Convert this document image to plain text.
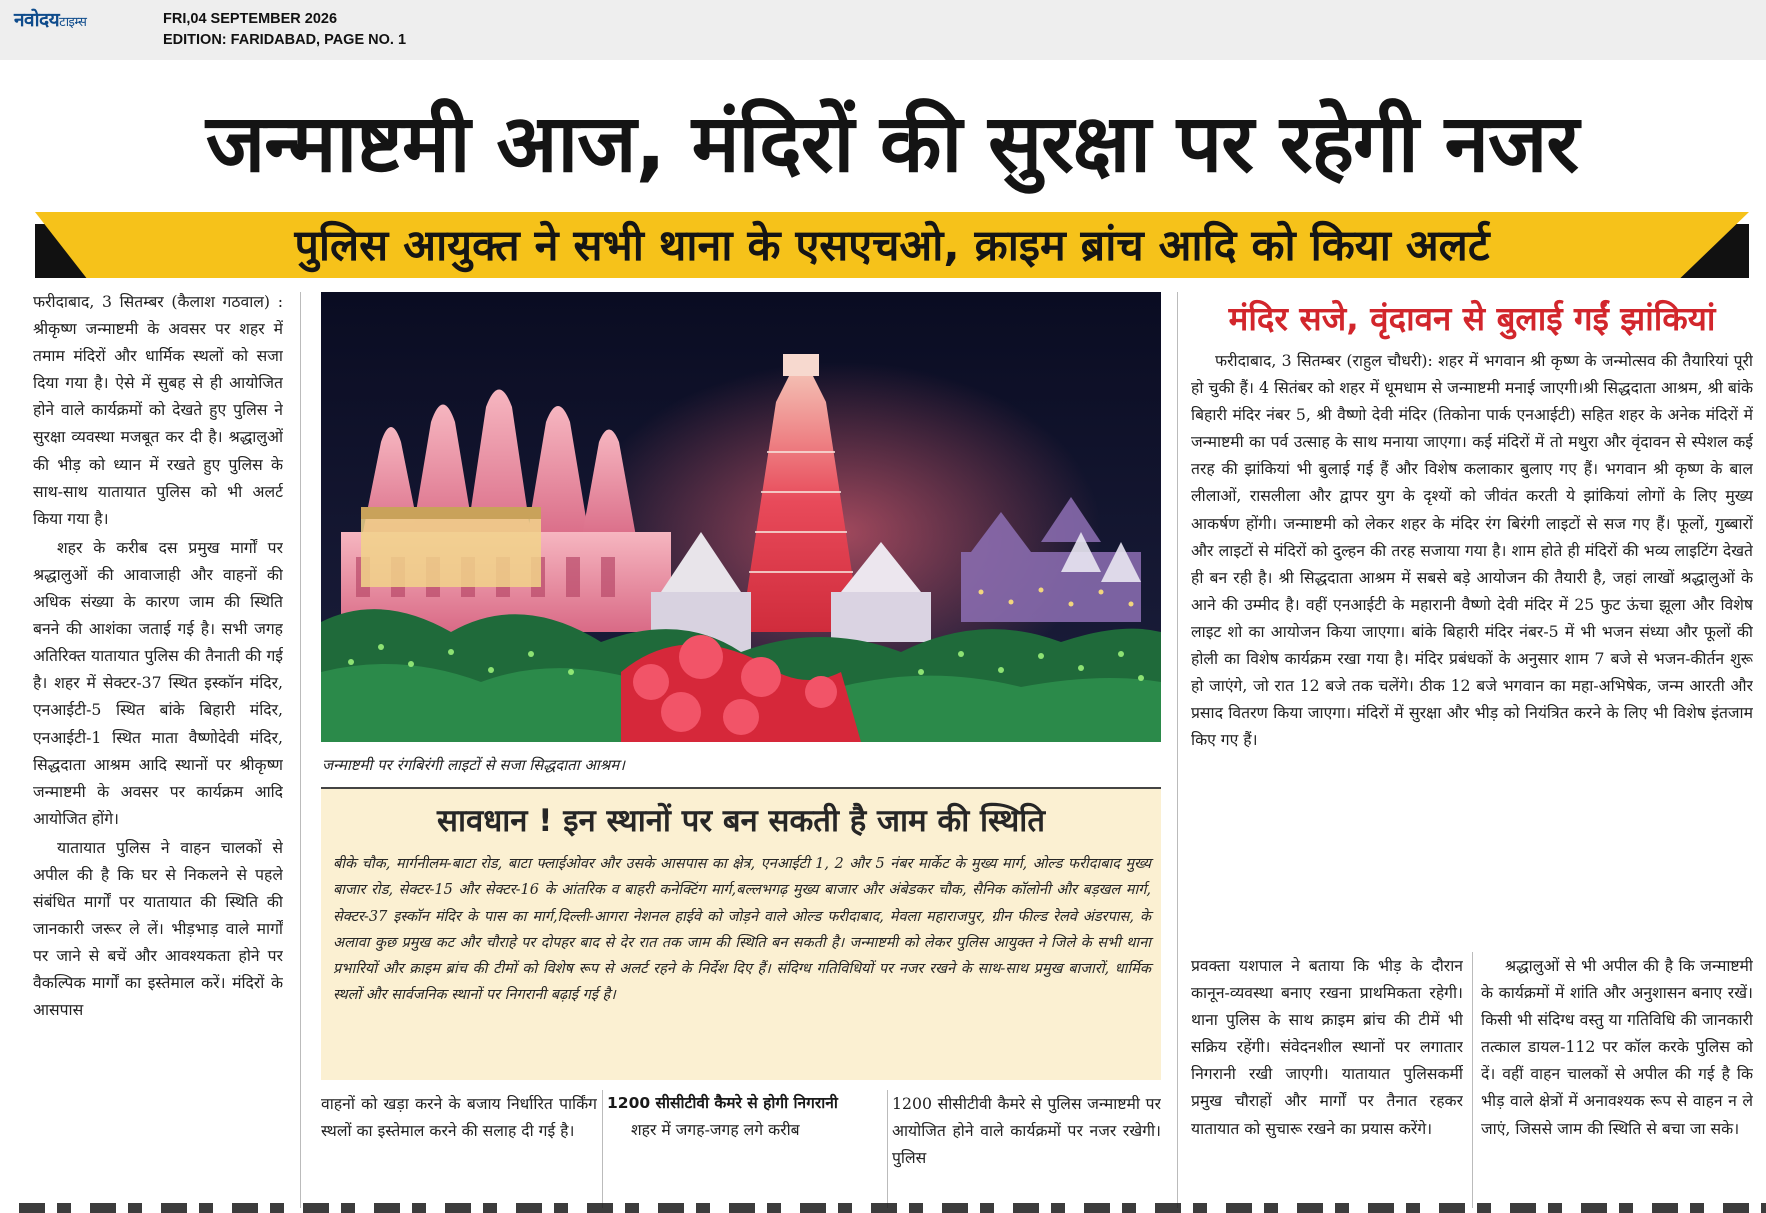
नवोदयटाइम्स	FRI,04 SEPTEMBER 2026
EDITION: FARIDABAD, PAGE NO. 1
जन्माष्टमी आज, मंदिरों की सुरक्षा पर रहेगी नजर
पुलिस आयुक्त ने सभी थाना के एसएचओ, क्राइम ब्रांच आदि को किया अलर्ट

फरीदाबाद, 3 सितम्बर (कैलाश गठवाल) : श्रीकृष्ण जन्माष्टमी के अवसर पर शहर में तमाम मंदिरों और धार्मिक स्थलों को सजा दिया गया है। ऐसे में सुबह से ही आयोजित होने वाले कार्यक्रमों को देखते हुए पुलिस ने सुरक्षा व्यवस्था मजबूत कर दी है। श्रद्धालुओं की भीड़ को ध्यान में रखते हुए पुलिस के साथ-साथ यातायात पुलिस को भी अलर्ट किया गया है।

शहर के करीब दस प्रमुख मार्गों पर श्रद्धालुओं की आवाजाही और वाहनों की अधिक संख्या के कारण जाम की स्थिति बनने की आशंका जताई गई है। सभी जगह अतिरिक्त यातायात पुलिस की तैनाती की गई है। शहर में सेक्टर-37 स्थित इस्कॉन मंदिर, एनआईटी-5 स्थित बांके बिहारी मंदिर, एनआईटी-1 स्थित माता वैष्णोदेवी मंदिर, सिद्धदाता आश्रम आदि स्थानों पर श्रीकृष्ण जन्माष्टमी के अवसर पर कार्यक्रम आदि आयोजित होंगे।

यातायात पुलिस ने वाहन चालकों से अपील की है कि घर से निकलने से पहले संबंधित मार्गों पर यातायात की स्थिति की जानकारी जरूर ले लें। भीड़भाड़ वाले मार्गों पर जाने से बचें और आवश्यकता होने पर वैकल्पिक मार्गों का इस्तेमाल करें। मंदिरों के आसपास

जन्माष्टमी पर रंगबिरंगी लाइटों से सजा सिद्धदाता आश्रम।
सावधान ! इन स्थानों पर बन सकती है जाम की स्थिति
बीके चौक, मार्गनीलम-बाटा रोड, बाटा फ्लाईओवर और उसके आसपास का क्षेत्र, एनआईटी 1, 2 और 5 नंबर मार्केट के मुख्य मार्ग, ओल्ड फरीदाबाद मुख्य बाजार रोड, सेक्टर-15 और सेक्टर-16 के आंतरिक व बाहरी कनेक्टिंग मार्ग,बल्लभगढ़ मुख्य बाजार और अंबेडकर चौक, सैनिक कॉलोनी और बड़खल मार्ग, सेक्टर-37 इस्कॉन मंदिर के पास का मार्ग,दिल्ली-आगरा नेशनल हाईवे को जोड़ने वाले ओल्ड फरीदाबाद, मेवला महाराजपुर, ग्रीन फील्ड रेलवे अंडरपास, के अलावा कुछ प्रमुख कट और चौराहे पर दोपहर बाद से देर रात तक जाम की स्थिति बन सकती है। जन्माष्टमी को लेकर पुलिस आयुक्त ने जिले के सभी थाना प्रभारियों और क्राइम ब्रांच की टीमों को विशेष रूप से अलर्ट रहने के निर्देश दिए हैं। संदिग्ध गतिविधियों पर नजर रखने के साथ-साथ प्रमुख बाजारों, धार्मिक स्थलों और सार्वजनिक स्थानों पर निगरानी बढ़ाई गई है।

वाहनों को खड़ा करने के बजाय निर्धारित पार्किंग स्थलों का इस्तेमाल करने की सलाह दी गई है।

1200 सीसीटीवी कैमरे से होगी निगरानी

शहर में जगह-जगह लगे करीब

1200 सीसीटीवी कैमरे से पुलिस जन्माष्टमी पर आयोजित होने वाले कार्यक्रमों पर नजर रखेगी। पुलिस

मंदिर सजे, वृंदावन से बुलाई गईं झांकियां

फरीदाबाद, 3 सितम्बर (राहुल चौधरी): शहर में भगवान श्री कृष्ण के जन्मोत्सव की तैयारियां पूरी हो चुकी हैं। 4 सितंबर को शहर में धूमधाम से जन्माष्टमी मनाई जाएगी।श्री सिद्धदाता आश्रम, श्री बांके बिहारी मंदिर नंबर 5, श्री वैष्णो देवी मंदिर (तिकोना पार्क एनआईटी) सहित शहर के अनेक मंदिरों में जन्माष्टमी का पर्व उत्साह के साथ मनाया जाएगा। कई मंदिरों में तो मथुरा और वृंदावन से स्पेशल कई तरह की झांकियां भी बुलाई गई हैं और विशेष कलाकार बुलाए गए हैं। भगवान श्री कृष्ण के बाल लीलाओं, रासलीला और द्वापर युग के दृश्यों को जीवंत करती ये झांकियां लोगों के लिए मुख्य आकर्षण होंगी। जन्माष्टमी को लेकर शहर के मंदिर रंग बिरंगी लाइटों से सज गए हैं। फूलों, गुब्बारों और लाइटों से मंदिरों को दुल्हन की तरह सजाया गया है। शाम होते ही मंदिरों की भव्य लाइटिंग देखते ही बन रही है। श्री सिद्धदाता आश्रम में सबसे बड़े आयोजन की तैयारी है, जहां लाखों श्रद्धालुओं के आने की उम्मीद है। वहीं एनआईटी के महारानी वैष्णो देवी मंदिर में 25 फुट ऊंचा झूला और विशेष लाइट शो का आयोजन किया जाएगा। बांके बिहारी मंदिर नंबर-5 में भी भजन संध्या और फूलों की होली का विशेष कार्यक्रम रखा गया है। मंदिर प्रबंधकों के अनुसार शाम 7 बजे से भजन-कीर्तन शुरू हो जाएंगे, जो रात 12 बजे तक चलेंगे। ठीक 12 बजे भगवान का महा-अभिषेक, जन्म आरती और प्रसाद वितरण किया जाएगा। मंदिरों में सुरक्षा और भीड़ को नियंत्रित करने के लिए भी विशेष इंतजाम किए गए हैं।

प्रवक्ता यशपाल ने बताया कि भीड़ के दौरान कानून-व्यवस्था बनाए रखना प्राथमिकता रहेगी। थाना पुलिस के साथ क्राइम ब्रांच की टीमें भी सक्रिय रहेंगी। संवेदनशील स्थानों पर लगातार निगरानी रखी जाएगी। यातायात पुलिसकर्मी प्रमुख चौराहों और मार्गों पर तैनात रहकर यातायात को सुचारू रखने का प्रयास करेंगे।

श्रद्धालुओं से भी अपील की है कि जन्माष्टमी के कार्यक्रमों में शांति और अनुशासन बनाए रखें। किसी भी संदिग्ध वस्तु या गतिविधि की जानकारी तत्काल डायल-112 पर कॉल करके पुलिस को दें। वहीं वाहन चालकों से अपील की गई है कि भीड़ वाले क्षेत्रों में अनावश्यक रूप से वाहन न ले जाएं, जिससे जाम की स्थिति से बचा जा सके।
